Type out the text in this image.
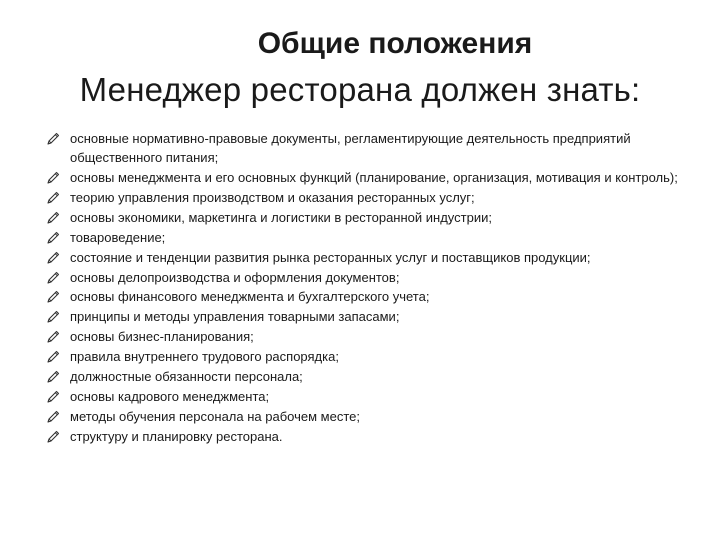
Общие положения
Менеджер ресторана должен знать:
основные нормативно-правовые документы, регламентирующие деятельность предприятий общественного питания;
основы менеджмента и его основных функций (планирование, организация, мотивация и контроль);
теорию управления производством и оказания ресторанных услуг;
основы экономики, маркетинга и логистики в ресторанной индустрии;
товароведение;
состояние и тенденции развития рынка ресторанных услуг и поставщиков продукции;
основы делопроизводства и оформления документов;
основы финансового менеджмента и бухгалтерского учета;
принципы и методы управления товарными запасами;
основы бизнес-планирования;
правила внутреннего трудового распорядка;
должностные обязанности персонала;
основы кадрового менеджмента;
методы обучения персонала на рабочем месте;
структуру и планировку ресторана.
